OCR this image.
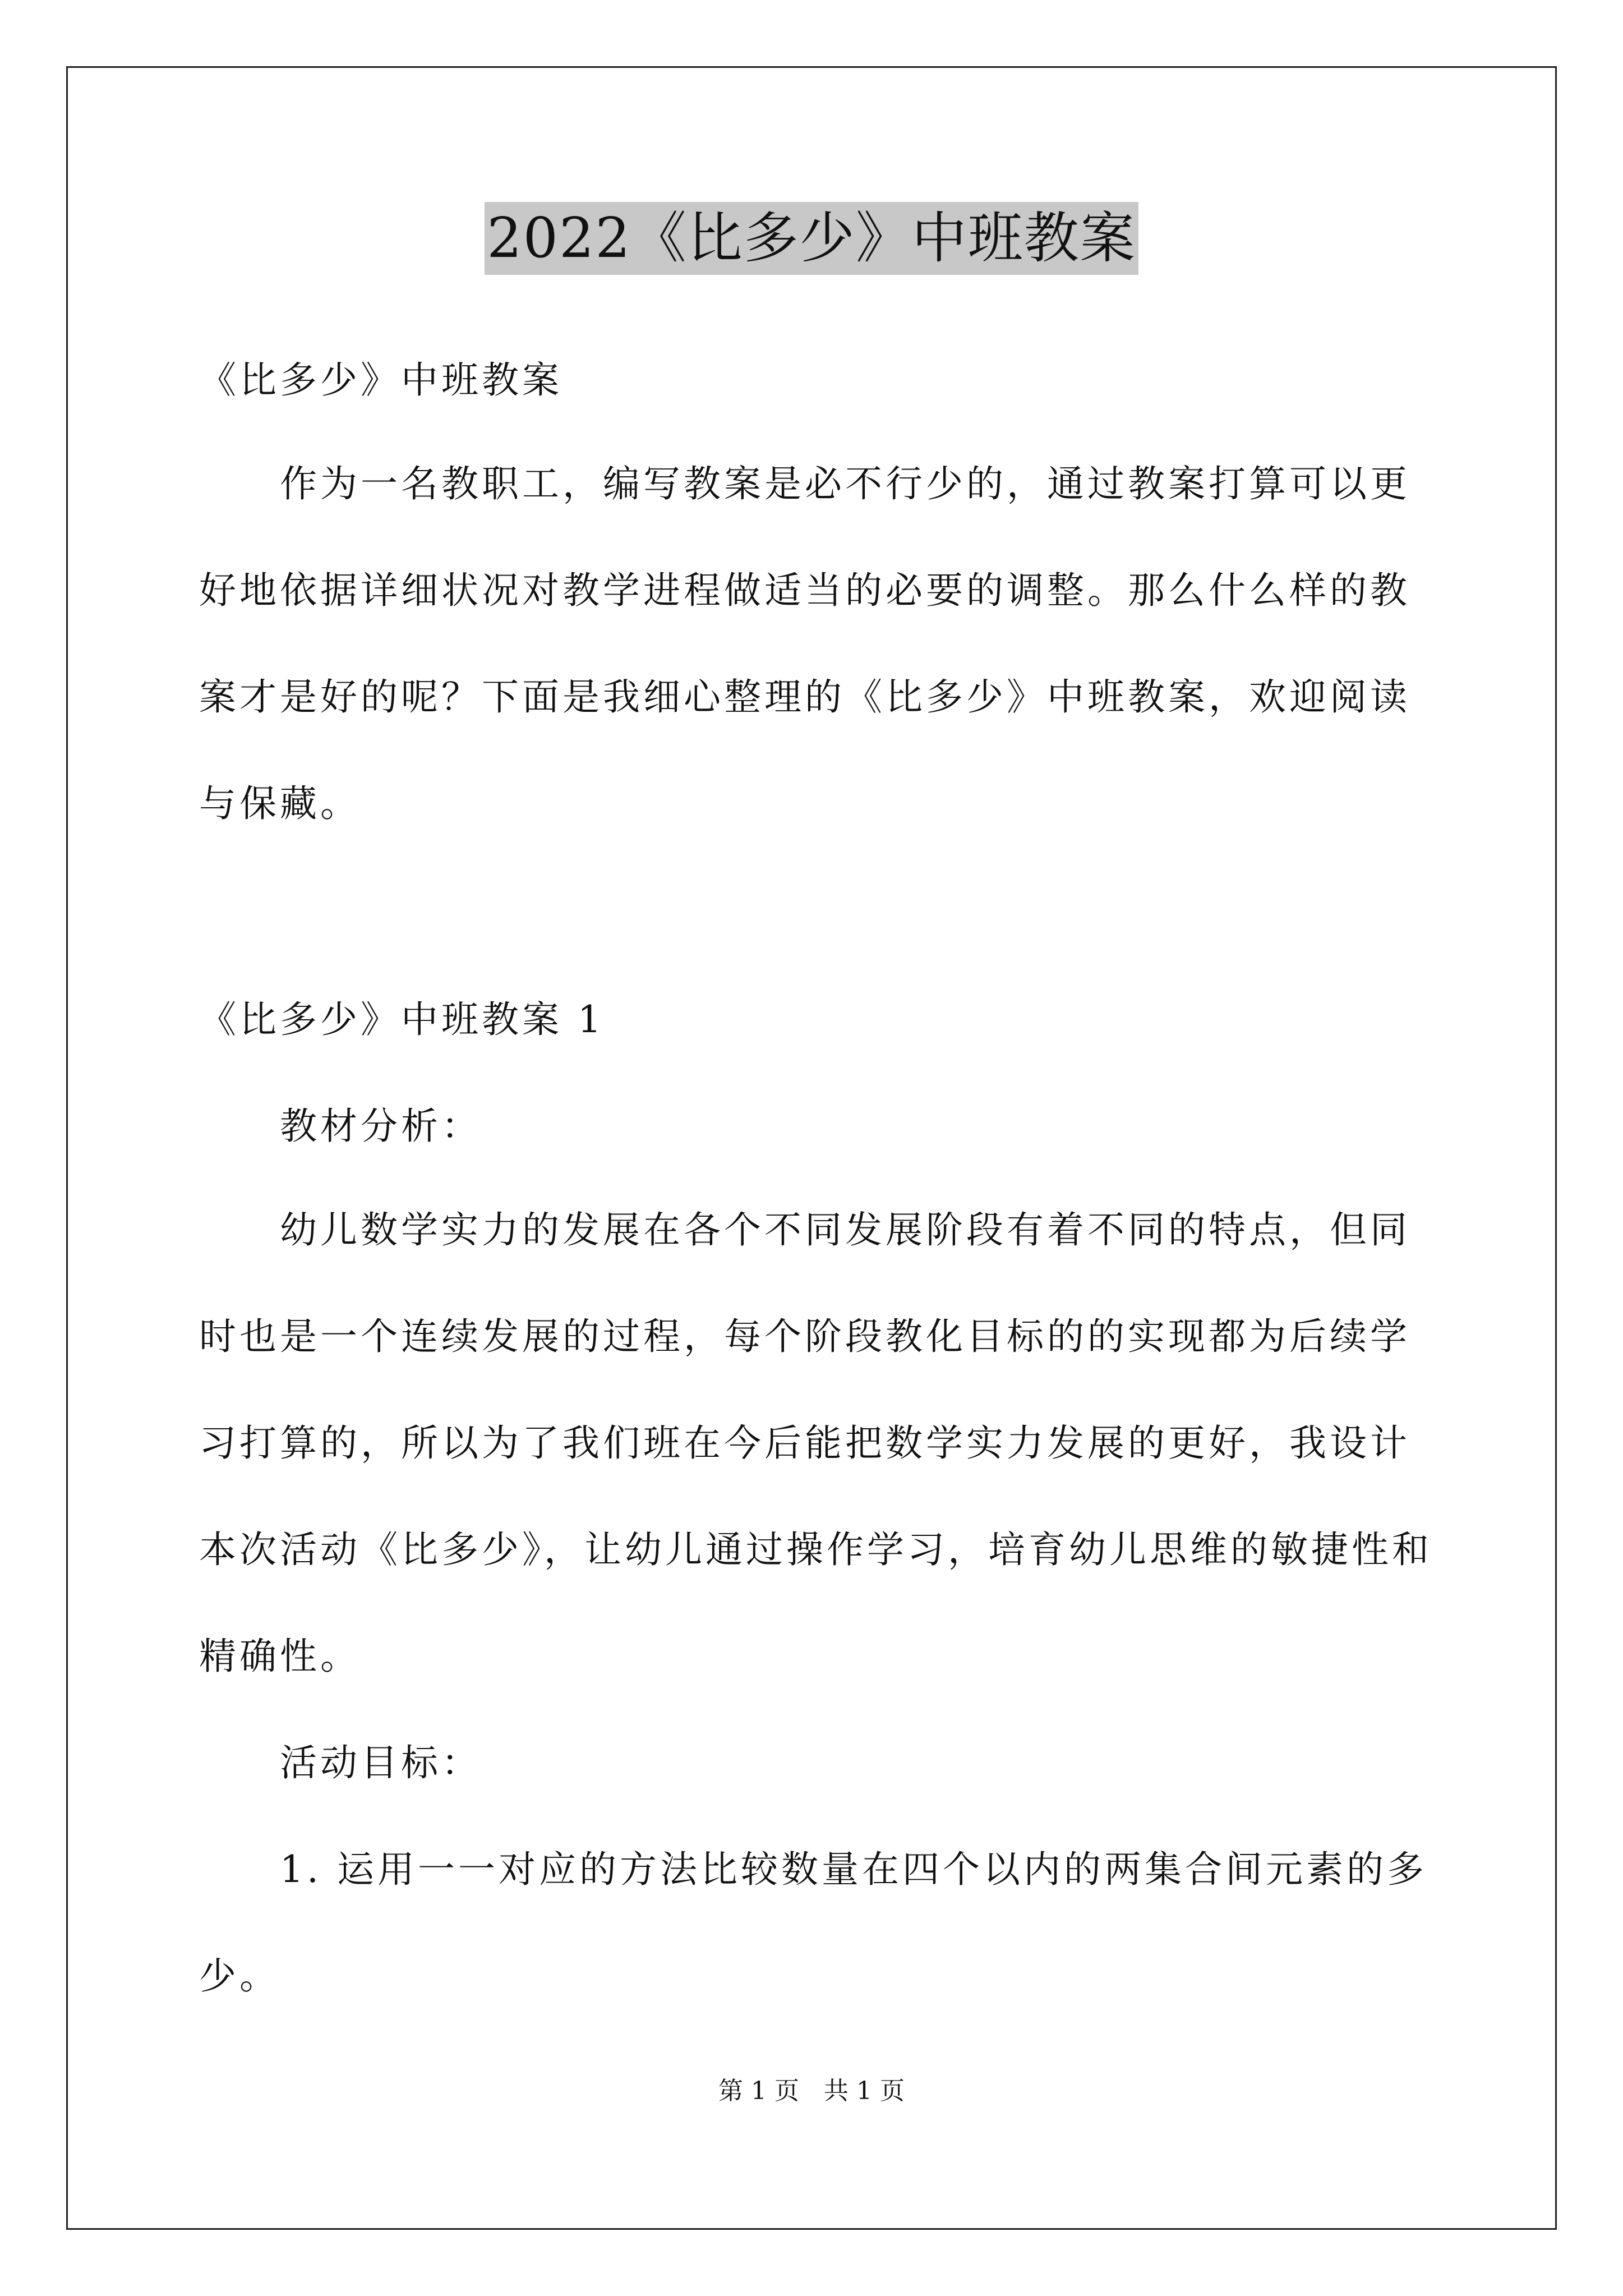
2022《比多少》中班教案
《比多少》中班教案
　　作为一名教职工，编写教案是必不行少的，通过教案打算可以更
好地依据详细状况对教学进程做适当的必要的调整。那么什么样的教
案才是好的呢？下面是我细心整理的《比多少》中班教案，欢迎阅读
与保藏。
《比多少》中班教案 1
　　教材分析：
　　幼儿数学实力的发展在各个不同发展阶段有着不同的特点，但同
时也是一个连续发展的过程，每个阶段教化目标的的实现都为后续学
习打算的，所以为了我们班在今后能把数学实力发展的更好，我设计
本次活动《比多少》，让幼儿通过操作学习，培育幼儿思维的敏捷性和
精确性。
　　活动目标：
　　1. 运用一一对应的方法比较数量在四个以内的两集合间元素的多
少。
第 1 页　共 1 页
